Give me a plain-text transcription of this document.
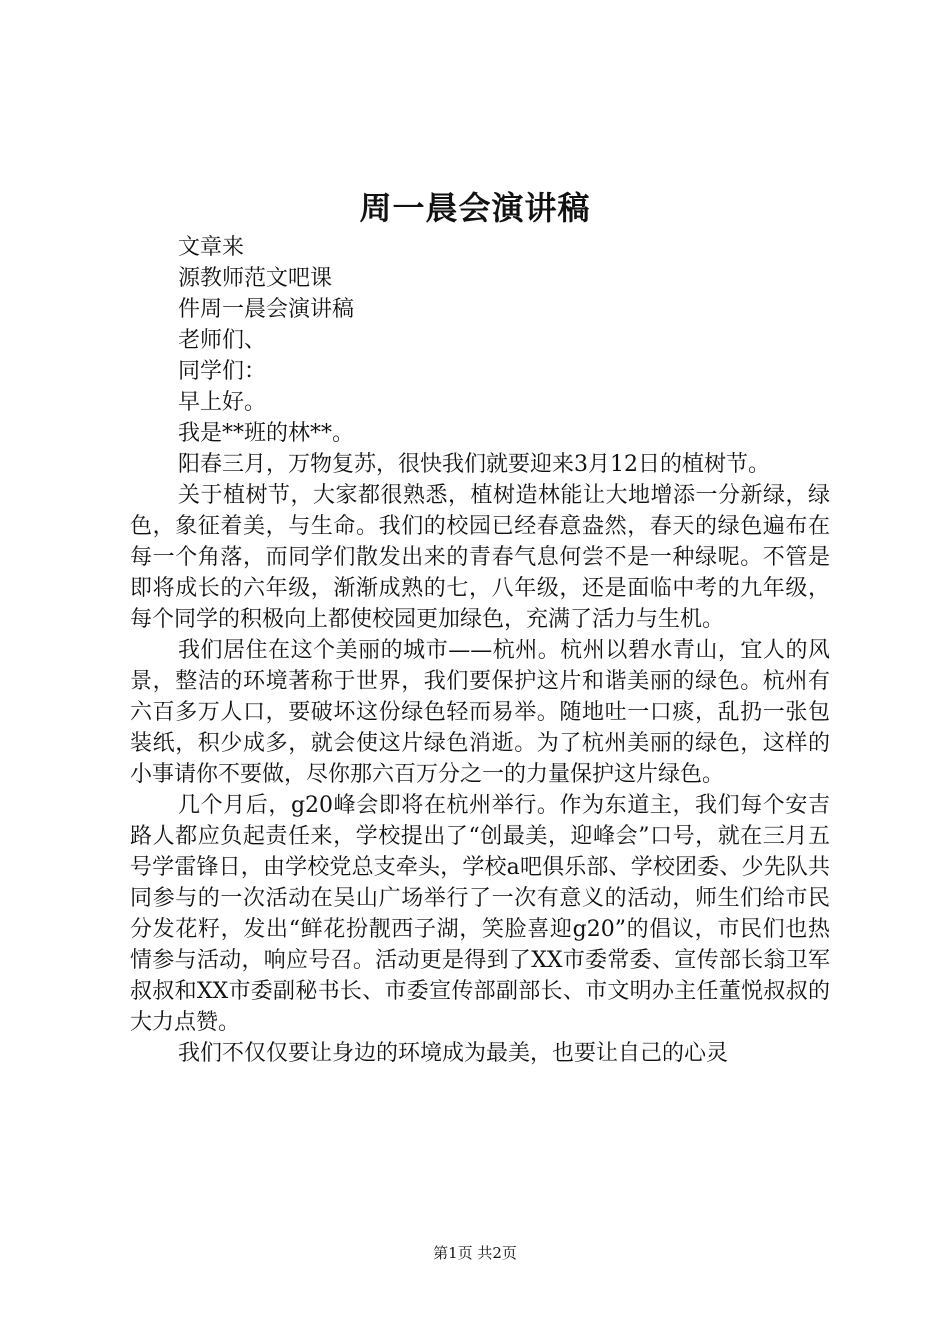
周一晨会演讲稿

文章来

源教师范文吧课

件周一晨会演讲稿

老师们、

同学们：

早上好。

我是**班的林**。

阳春三月，万物复苏，很快我们就要迎来3月12日的植树节。

关于植树节，大家都很熟悉，植树造林能让大地增添一分新绿，绿色，象征着美，与生命。我们的校园已经春意盎然，春天的绿色遍布在每一个角落，而同学们散发出来的青春气息何尝不是一种绿呢。不管是即将成长的六年级，渐渐成熟的七，八年级，还是面临中考的九年级，每个同学的积极向上都使校园更加绿色，充满了活力与生机。

我们居住在这个美丽的城市——杭州。杭州以碧水青山，宜人的风景，整洁的环境著称于世界，我们要保护这片和谐美丽的绿色。杭州有六百多万人口，要破坏这份绿色轻而易举。随地吐一口痰，乱扔一张包装纸，积少成多，就会使这片绿色消逝。为了杭州美丽的绿色，这样的小事请你不要做，尽你那六百万分之一的力量保护这片绿色。

几个月后，g20峰会即将在杭州举行。作为东道主，我们每个安吉路人都应负起责任来，学校提出了“创最美，迎峰会”口号，就在三月五号学雷锋日，由学校党总支牵头，学校a吧俱乐部、学校团委、少先队共同参与的一次活动在吴山广场举行了一次有意义的活动，师生们给市民分发花籽，发出“鲜花扮靓西子湖，笑脸喜迎g20”的倡议，市民们也热情参与活动，响应号召。活动更是得到了XX市委常委、宣传部长翁卫军叔叔和XX市委副秘书长、市委宣传部副部长、市文明办主任董悦叔叔的大力点赞。

我们不仅仅要让身边的环境成为最美，也要让自己的心灵

第1页 共2页
